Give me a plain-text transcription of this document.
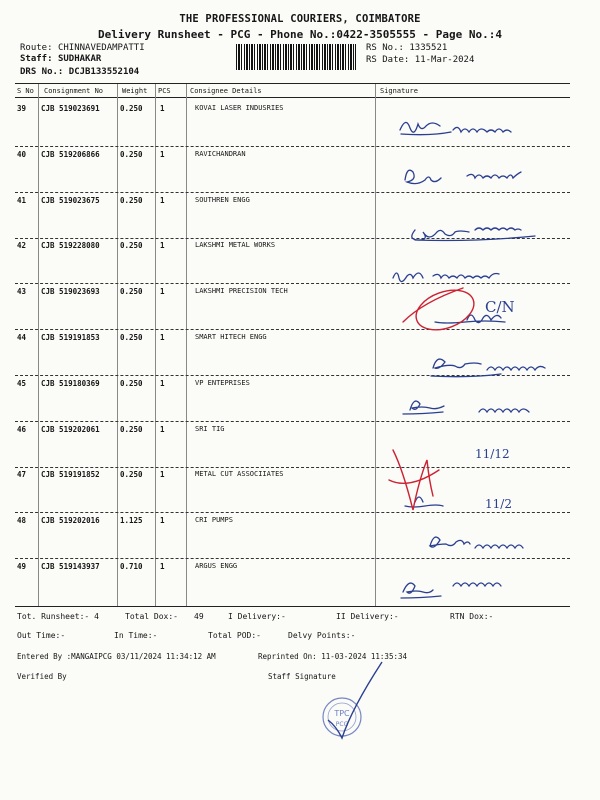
THE PROFESSIONAL COURIERS, COIMBATORE
Delivery Runsheet - PCG - Phone No.:0422-3505555 - Page No.:4
Route: CHINNAVEDAMPATTI
Staff: SUDHAKAR
DRS No.: DCJB133552104
RS No.: 1335521
RS Date: 11-Mar-2024
S No Consignment No	Weight PCS	Consignee Details	Signature
39 CJB 519023691	0.250 1	KOVAI LASER INDUSRIES
40 CJB 519206866	0.250 1	RAVICHANDRAN
41 CJB 519023675	0.250 1	SOUTHREN ENGG
42 CJB 519228080	0.250 1	LAKSHMI METAL WORKS
43 CJB 519023693	0.250 1	LAKSHMI PRECISION TECH
44 CJB 519191853	0.250 1	SMART HITECH ENGG
45 CJB 519180369	0.250 1	VP ENTEPRISES
46 CJB 519202061	0.250 1	SRI TIG
47 CJB 519191852	0.250 1	METAL CUT ASSOCIIATES
48 CJB 519202016	1.125 1	CRI PUMPS
49 CJB 519143937	0.710 1	ARGUS ENGG
C/N
11/12
11/2
Tot. Runsheet:- 4	Total Dox:- 49	I Delivery:-	II Delivery:-	RTN Dox:-
Out Time:-	In Time:-	Total POD:-	Delvy Points:-
Entered By :MANGAIPCG 03/11/2024 11:34:12 AM	Reprinted On: 11-03-2024 11:35:34
Verified By	Staff Signature
TPC
PCG
